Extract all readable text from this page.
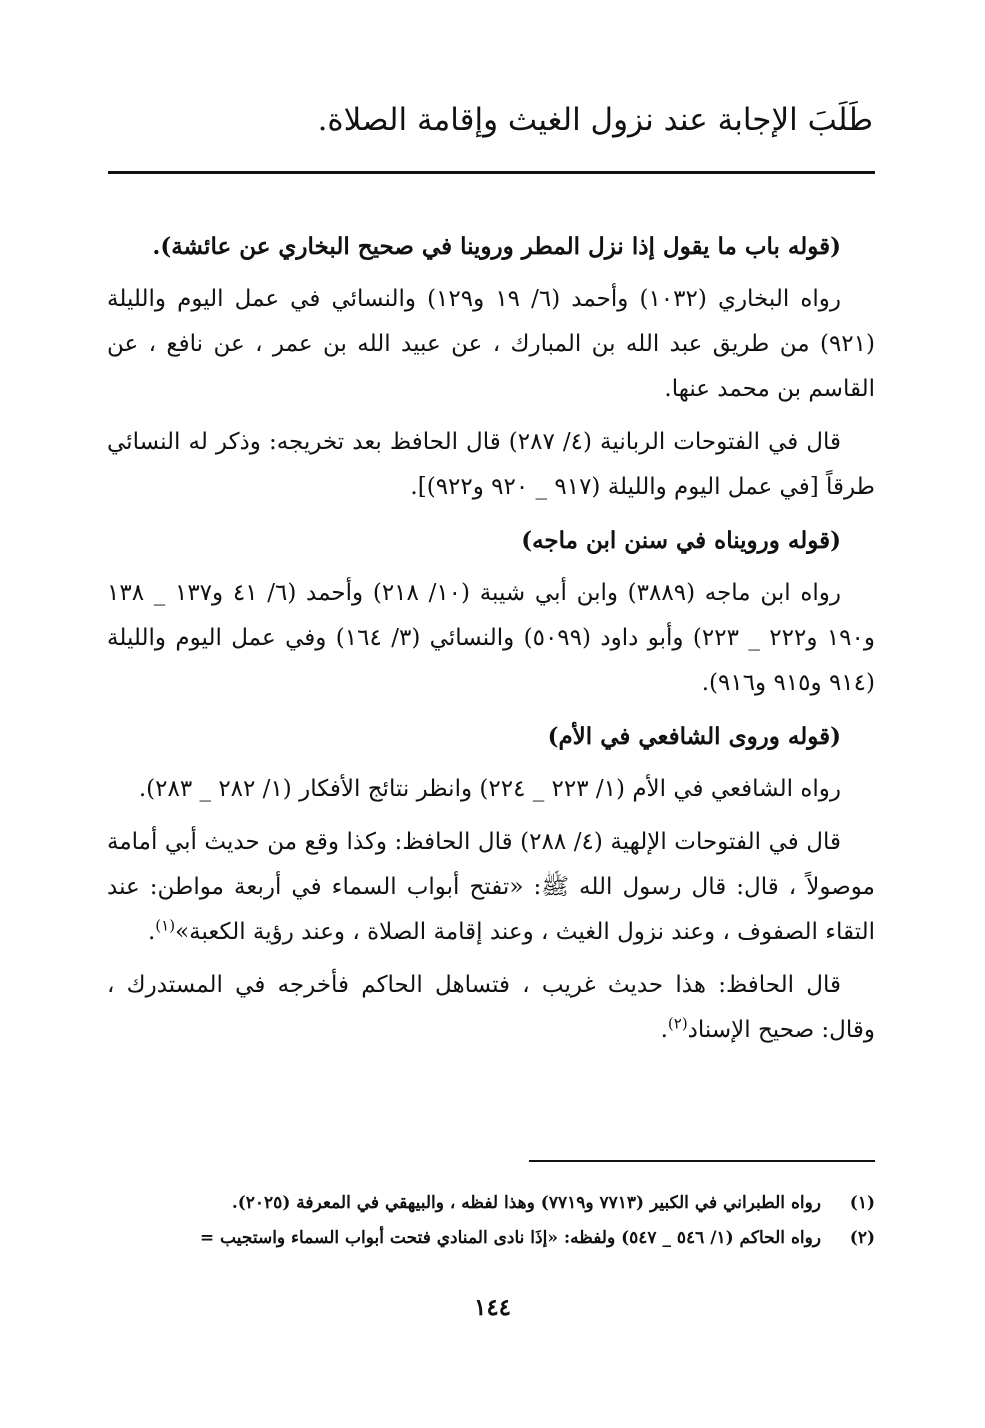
طَلَبَ الإجابة عند نزول الغيث وإقامة الصلاة.

(قوله باب ما يقول إذا نزل المطر وروينا في صحيح البخاري عن عائشة).

رواه البخاري (١٠٣٢) وأحمد (٦/ ١٩ و١٢٩) والنسائي في عمل اليوم والليلة (٩٢١) من طريق عبد الله بن المبارك ، عن عبيد الله بن عمر ، عن نافع ، عن القاسم بن محمد عنها.

قال في الفتوحات الربانية (٤/ ٢٨٧) قال الحافظ بعد تخريجه: وذكر له النسائي طرقاً [في عمل اليوم والليلة (٩١٧ _ ٩٢٠ و٩٢٢)].

(قوله ورويناه في سنن ابن ماجه)

رواه ابن ماجه (٣٨٨٩) وابن أبي شيبة (١٠/ ٢١٨) وأحمد (٦/ ٤١ و١٣٧ _ ١٣٨ و١٩٠ و٢٢٢ _ ٢٢٣) وأبو داود (٥٠٩٩) والنسائي (٣/ ١٦٤) وفي عمل اليوم والليلة (٩١٤ و٩١٥ و٩١٦).

(قوله وروى الشافعي في الأم)

رواه الشافعي في الأم (١/ ٢٢٣ _ ٢٢٤) وانظر نتائج الأفكار (١/ ٢٨٢ _ ٢٨٣).

قال في الفتوحات الإلهية (٤/ ٢٨٨) قال الحافظ: وكذا وقع من حديث أبي أمامة موصولاً ، قال: قال رسول الله ﷺ: «تفتح أبواب السماء في أربعة مواطن: عند التقاء الصفوف ، وعند نزول الغيث ، وعند إقامة الصلاة ، وعند رؤية الكعبة»$^{(١)}$.

قال الحافظ: هذا حديث غريب ، فتساهل الحاكم فأخرجه في المستدرك ، وقال: صحيح الإسناد$^{(٢)}$.

(١)
رواه الطبراني في الكبير (٧٧١٣ و٧٧١٩) وهذا لفظه ، والبيهقي في المعرفة (٢٠٢٥).
(٢)
رواه الحاكم (١/ ٥٤٦ _ ٥٤٧) ولفظه: «إذَا نادى المنادي فتحت أبواب السماء واستجيب =
١٤٤
